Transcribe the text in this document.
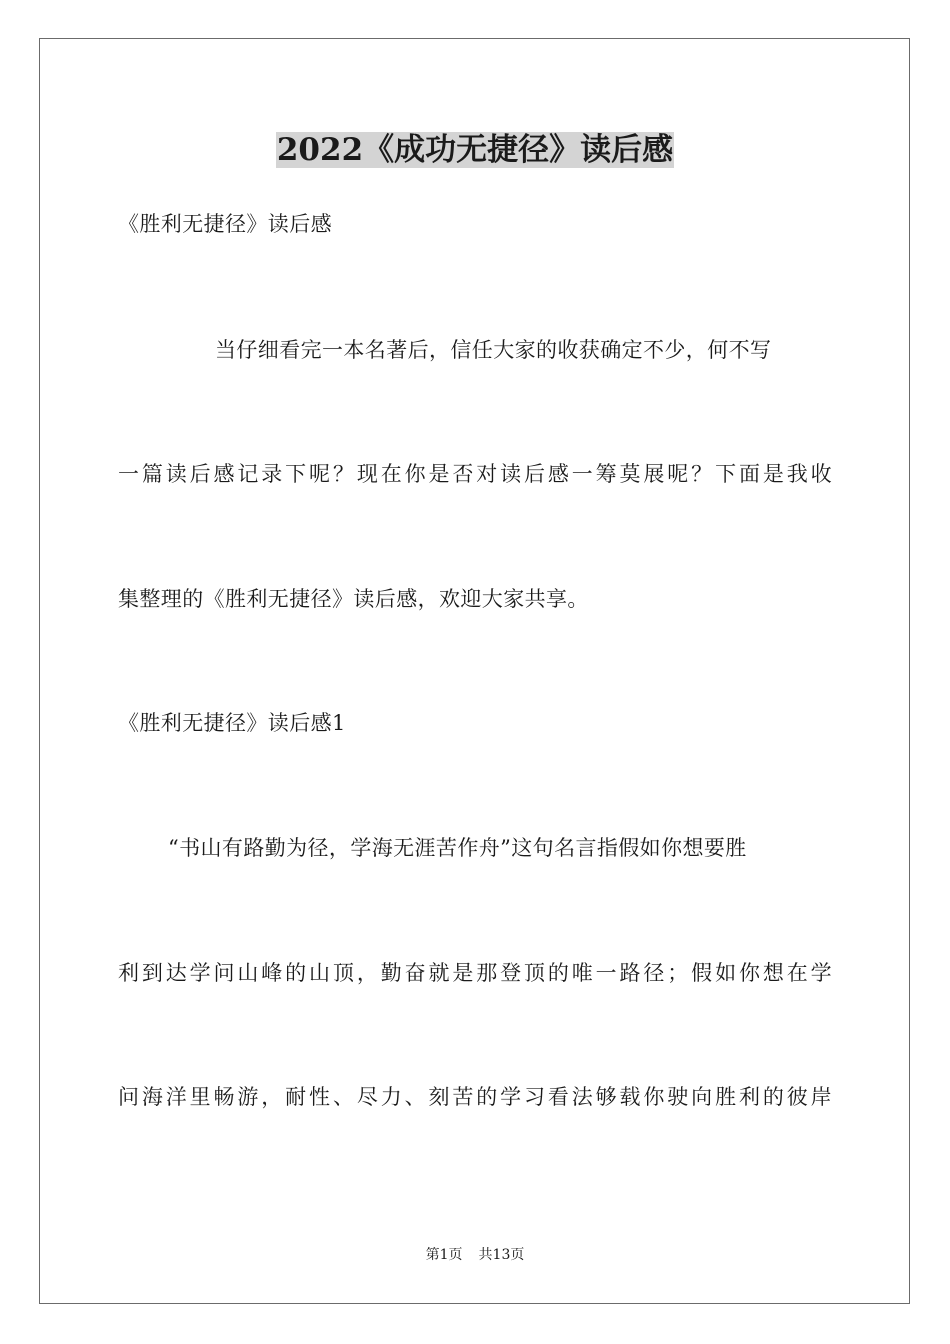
2022《成功无捷径》读后感

《胜利无捷径》读后感

当仔细看完一本名著后，信任大家的收获确定不少，何不写

一篇读后感记录下呢？现在你是否对读后感一筹莫展呢？下面是我收

集整理的《胜利无捷径》读后感，欢迎大家共享。

《胜利无捷径》读后感1

“书山有路勤为径，学海无涯苦作舟”这句名言指假如你想要胜

利到达学问山峰的山顶，勤奋就是那登顶的唯一路径；假如你想在学

问海洋里畅游，耐性、尽力、刻苦的学习看法够载你驶向胜利的彼岸

第1页 共13页
